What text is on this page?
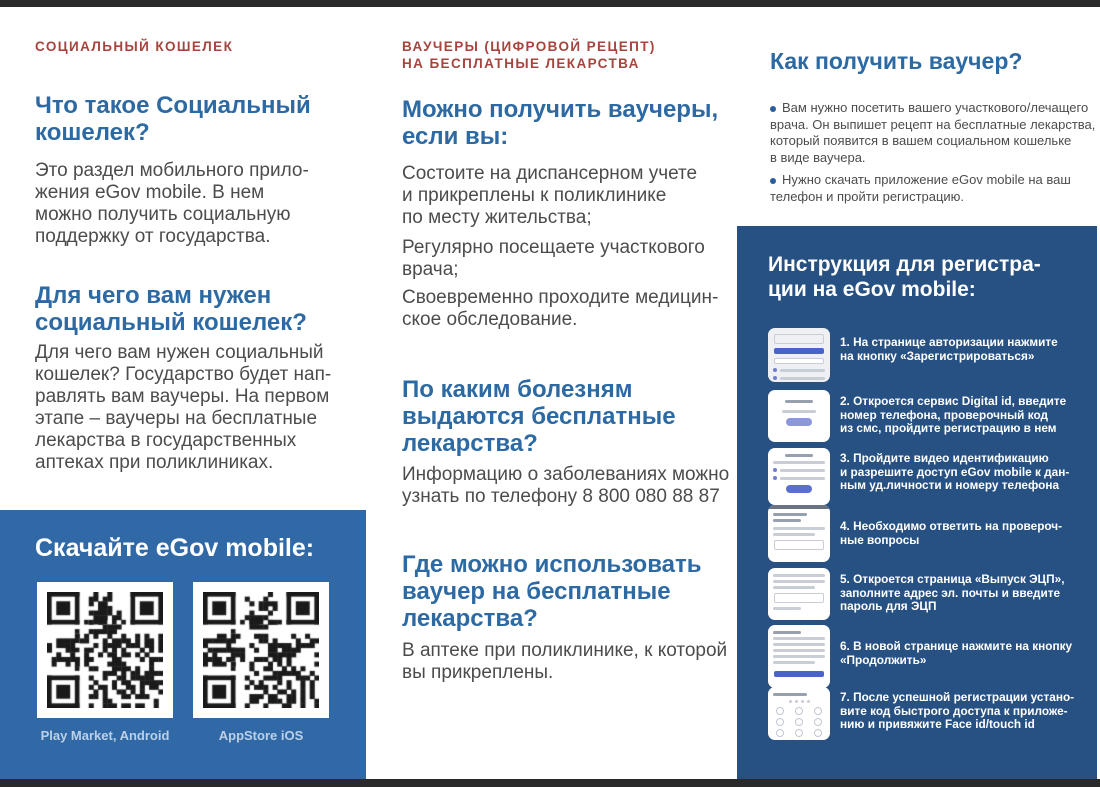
СОЦИАЛЬНЫЙ КОШЕЛЕК
Что такое Социальный
кошелек?
Это раздел мобильного прило-
жения eGov mobile. В нем
можно получить социальную
поддержку от государства.
Для чего вам нужен
социальный кошелек?
Для чего вам нужен социальный
кошелек? Государство будет нап-
равлять вам ваучеры. На первом
этапе – ваучеры на бесплатные
лекарства в государственных
аптеках при поликлиниках.
Скачайте eGov mobile:
Play Market, Android	AppStore iOS
ВАУЧЕРЫ (ЦИФРОВОЙ РЕЦЕПТ)
НА БЕСПЛАТНЫЕ ЛЕКАРСТВА
Можно получить ваучеры,
если вы:
Состоите на диспансерном учете
и прикреплены к поликлинике
по месту жительства;
Регулярно посещаете участкового
врача;
Своевременно проходите медицин-
ское обследование.
По каким болезням
выдаются бесплатные
лекарства?
Информацию о заболеваниях можно
узнать по телефону 8 800 080 88 87
Где можно использовать
ваучер на бесплатные
лекарства?
В аптеке при поликлинике, к которой
вы прикреплены.
Как получить ваучер?
Вам нужно посетить вашего участкового/лечащего
врача. Он выпишет рецепт на бесплатные лекарства,
который появится в вашем социальном кошельке
в виде ваучера.
Нужно скачать приложение eGov mobile на ваш
телефон и пройти регистрацию.
Инструкция для регистра-
ции на eGov mobile:
1. На странице авторизации нажмите
на кнопку «Зарегистрироваться»
2. Откроется сервис Digital id, введите
номер телефона, проверочный код
из смс, пройдите регистрацию в нем
3. Пройдите видео идентификацию
и разрешите доступ eGov mobile к дан-
ным уд.личности и номеру телефона
4. Необходимо ответить на провероч-
ные вопросы
5. Откроется страница «Выпуск ЭЦП»,
заполните адрес эл. почты и введите
пароль для ЭЦП
6. В новой странице нажмите на кнопку
«Продолжить»
7. После успешной регистрации устано-
вите код быстрого доступа к приложе-
нию и привяжите Face id/touch id
